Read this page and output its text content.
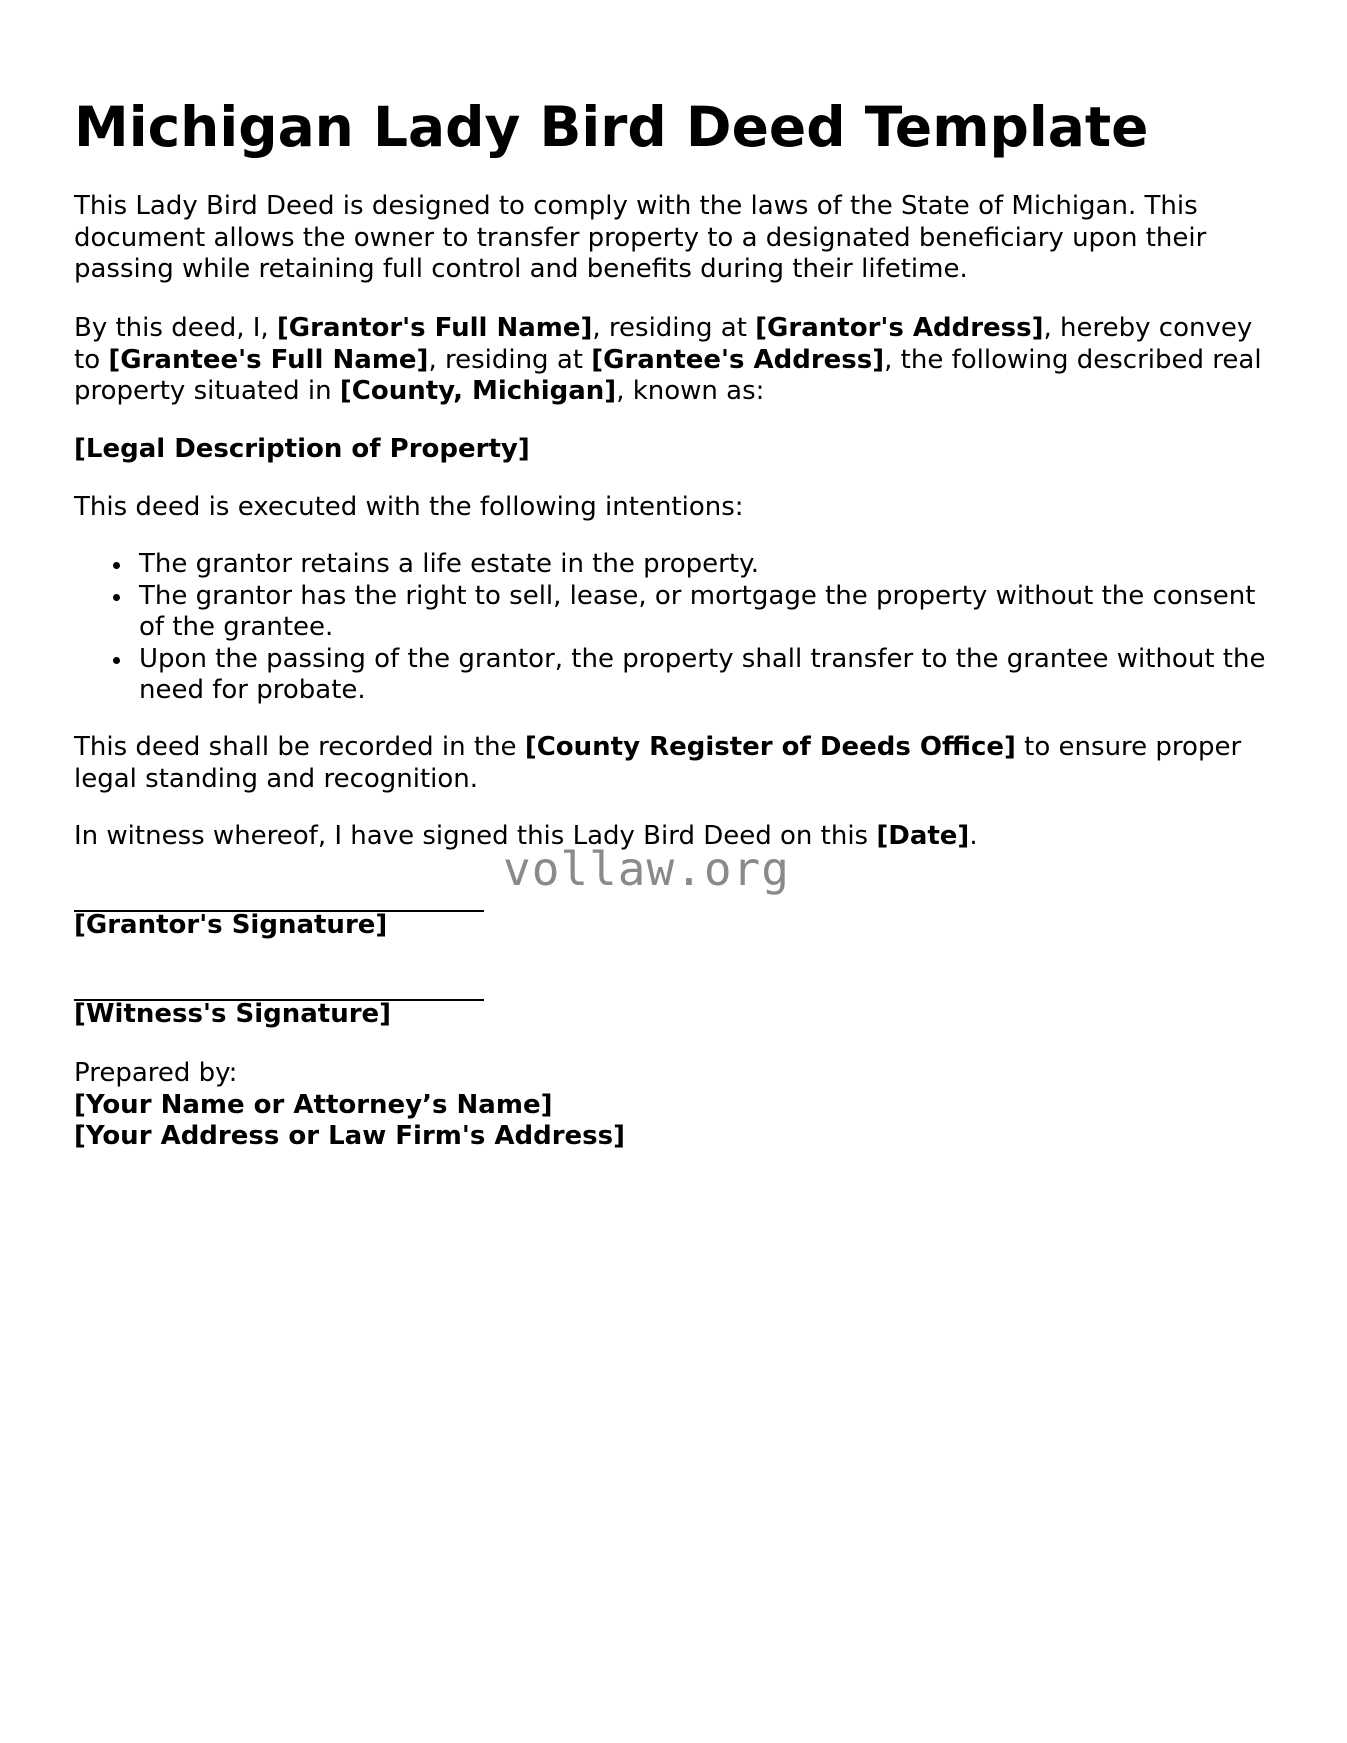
Michigan Lady Bird Deed Template

This Lady Bird Deed is designed to comply with the laws of the State of Michigan. This document allows the owner to transfer property to a designated beneficiary upon their passing while retaining full control and benefits during their lifetime.

By this deed, I, [Grantor's Full Name], residing at [Grantor's Address], hereby convey to [Grantee's Full Name], residing at [Grantee's Address], the following described real property situated in [County, Michigan], known as:

[Legal Description of Property]

This deed is executed with the following intentions:

The grantor retains a life estate in the property.
The grantor has the right to sell, lease, or mortgage the property without the consent of the grantee.
Upon the passing of the grantor, the property shall transfer to the grantee without the need for probate.

This deed shall be recorded in the [County Register of Deeds Office] to ensure proper legal standing and recognition.

In witness whereof, I have signed this Lady Bird Deed on this [Date].

[Grantor's Signature]

[Witness's Signature]

Prepared by:

[Your Name or Attorney’s Name]

[Your Address or Law Firm's Address]

vollaw.org
